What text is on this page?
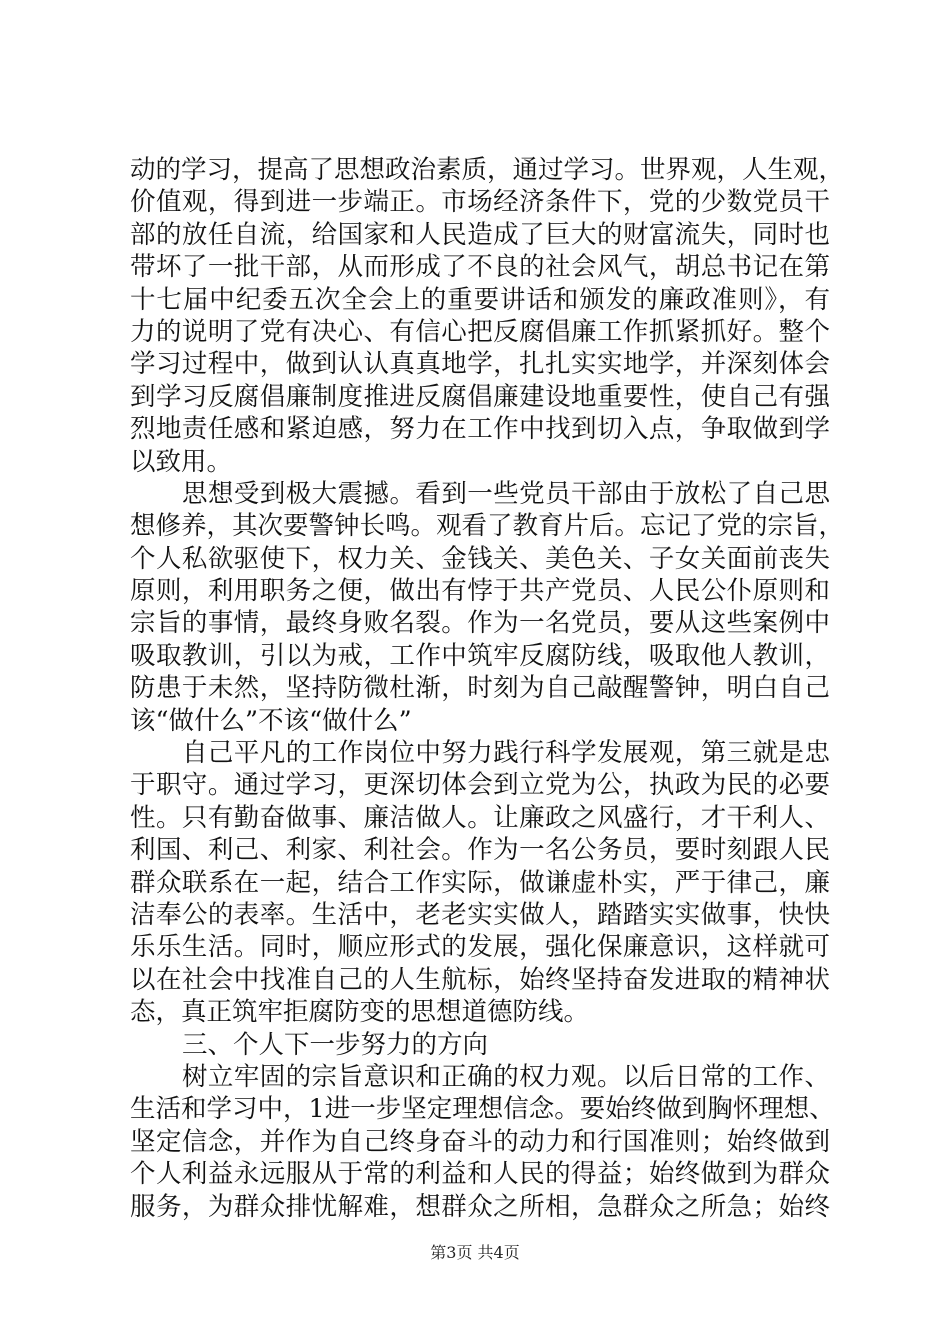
动的学习，提高了思想政治素质，通过学习。世界观，人生观，
价值观，得到进一步端正。市场经济条件下，党的少数党员干
部的放任自流，给国家和人民造成了巨大的财富流失，同时也
带坏了一批干部，从而形成了不良的社会风气，胡总书记在第
十七届中纪委五次全会上的重要讲话和颁发的廉政准则》，有
力的说明了党有决心、有信心把反腐倡廉工作抓紧抓好。整个
学习过程中，做到认认真真地学，扎扎实实地学，并深刻体会
到学习反腐倡廉制度推进反腐倡廉建设地重要性，使自己有强
烈地责任感和紧迫感，努力在工作中找到切入点，争取做到学
以致用。
思想受到极大震撼。看到一些党员干部由于放松了自己思
想修养，其次要警钟长鸣。观看了教育片后。忘记了党的宗旨，
个人私欲驱使下，权力关、金钱关、美色关、子女关面前丧失
原则，利用职务之便，做出有悖于共产党员、人民公仆原则和
宗旨的事情，最终身败名裂。作为一名党员，要从这些案例中
吸取教训，引以为戒，工作中筑牢反腐防线，吸取他人教训，
防患于未然，坚持防微杜渐，时刻为自己敲醒警钟，明白自己
该“做什么”不该“做什么”
自己平凡的工作岗位中努力践行科学发展观，第三就是忠
于职守。通过学习，更深切体会到立党为公，执政为民的必要
性。只有勤奋做事、廉洁做人。让廉政之风盛行，才干利人、
利国、利己、利家、利社会。作为一名公务员，要时刻跟人民
群众联系在一起，结合工作实际，做谦虚朴实，严于律己，廉
洁奉公的表率。生活中，老老实实做人，踏踏实实做事，快快
乐乐生活。同时，顺应形式的发展，强化保廉意识，这样就可
以在社会中找准自己的人生航标，始终坚持奋发进取的精神状
态，真正筑牢拒腐防变的思想道德防线。
三、个人下一步努力的方向
树立牢固的宗旨意识和正确的权力观。以后日常的工作、
生活和学习中，1进一步坚定理想信念。要始终做到胸怀理想、
坚定信念，并作为自己终身奋斗的动力和行国准则；始终做到
个人利益永远服从于常的利益和人民的得益；始终做到为群众
服务，为群众排忧解难，想群众之所相，急群众之所急；始终
第3页 共4页
